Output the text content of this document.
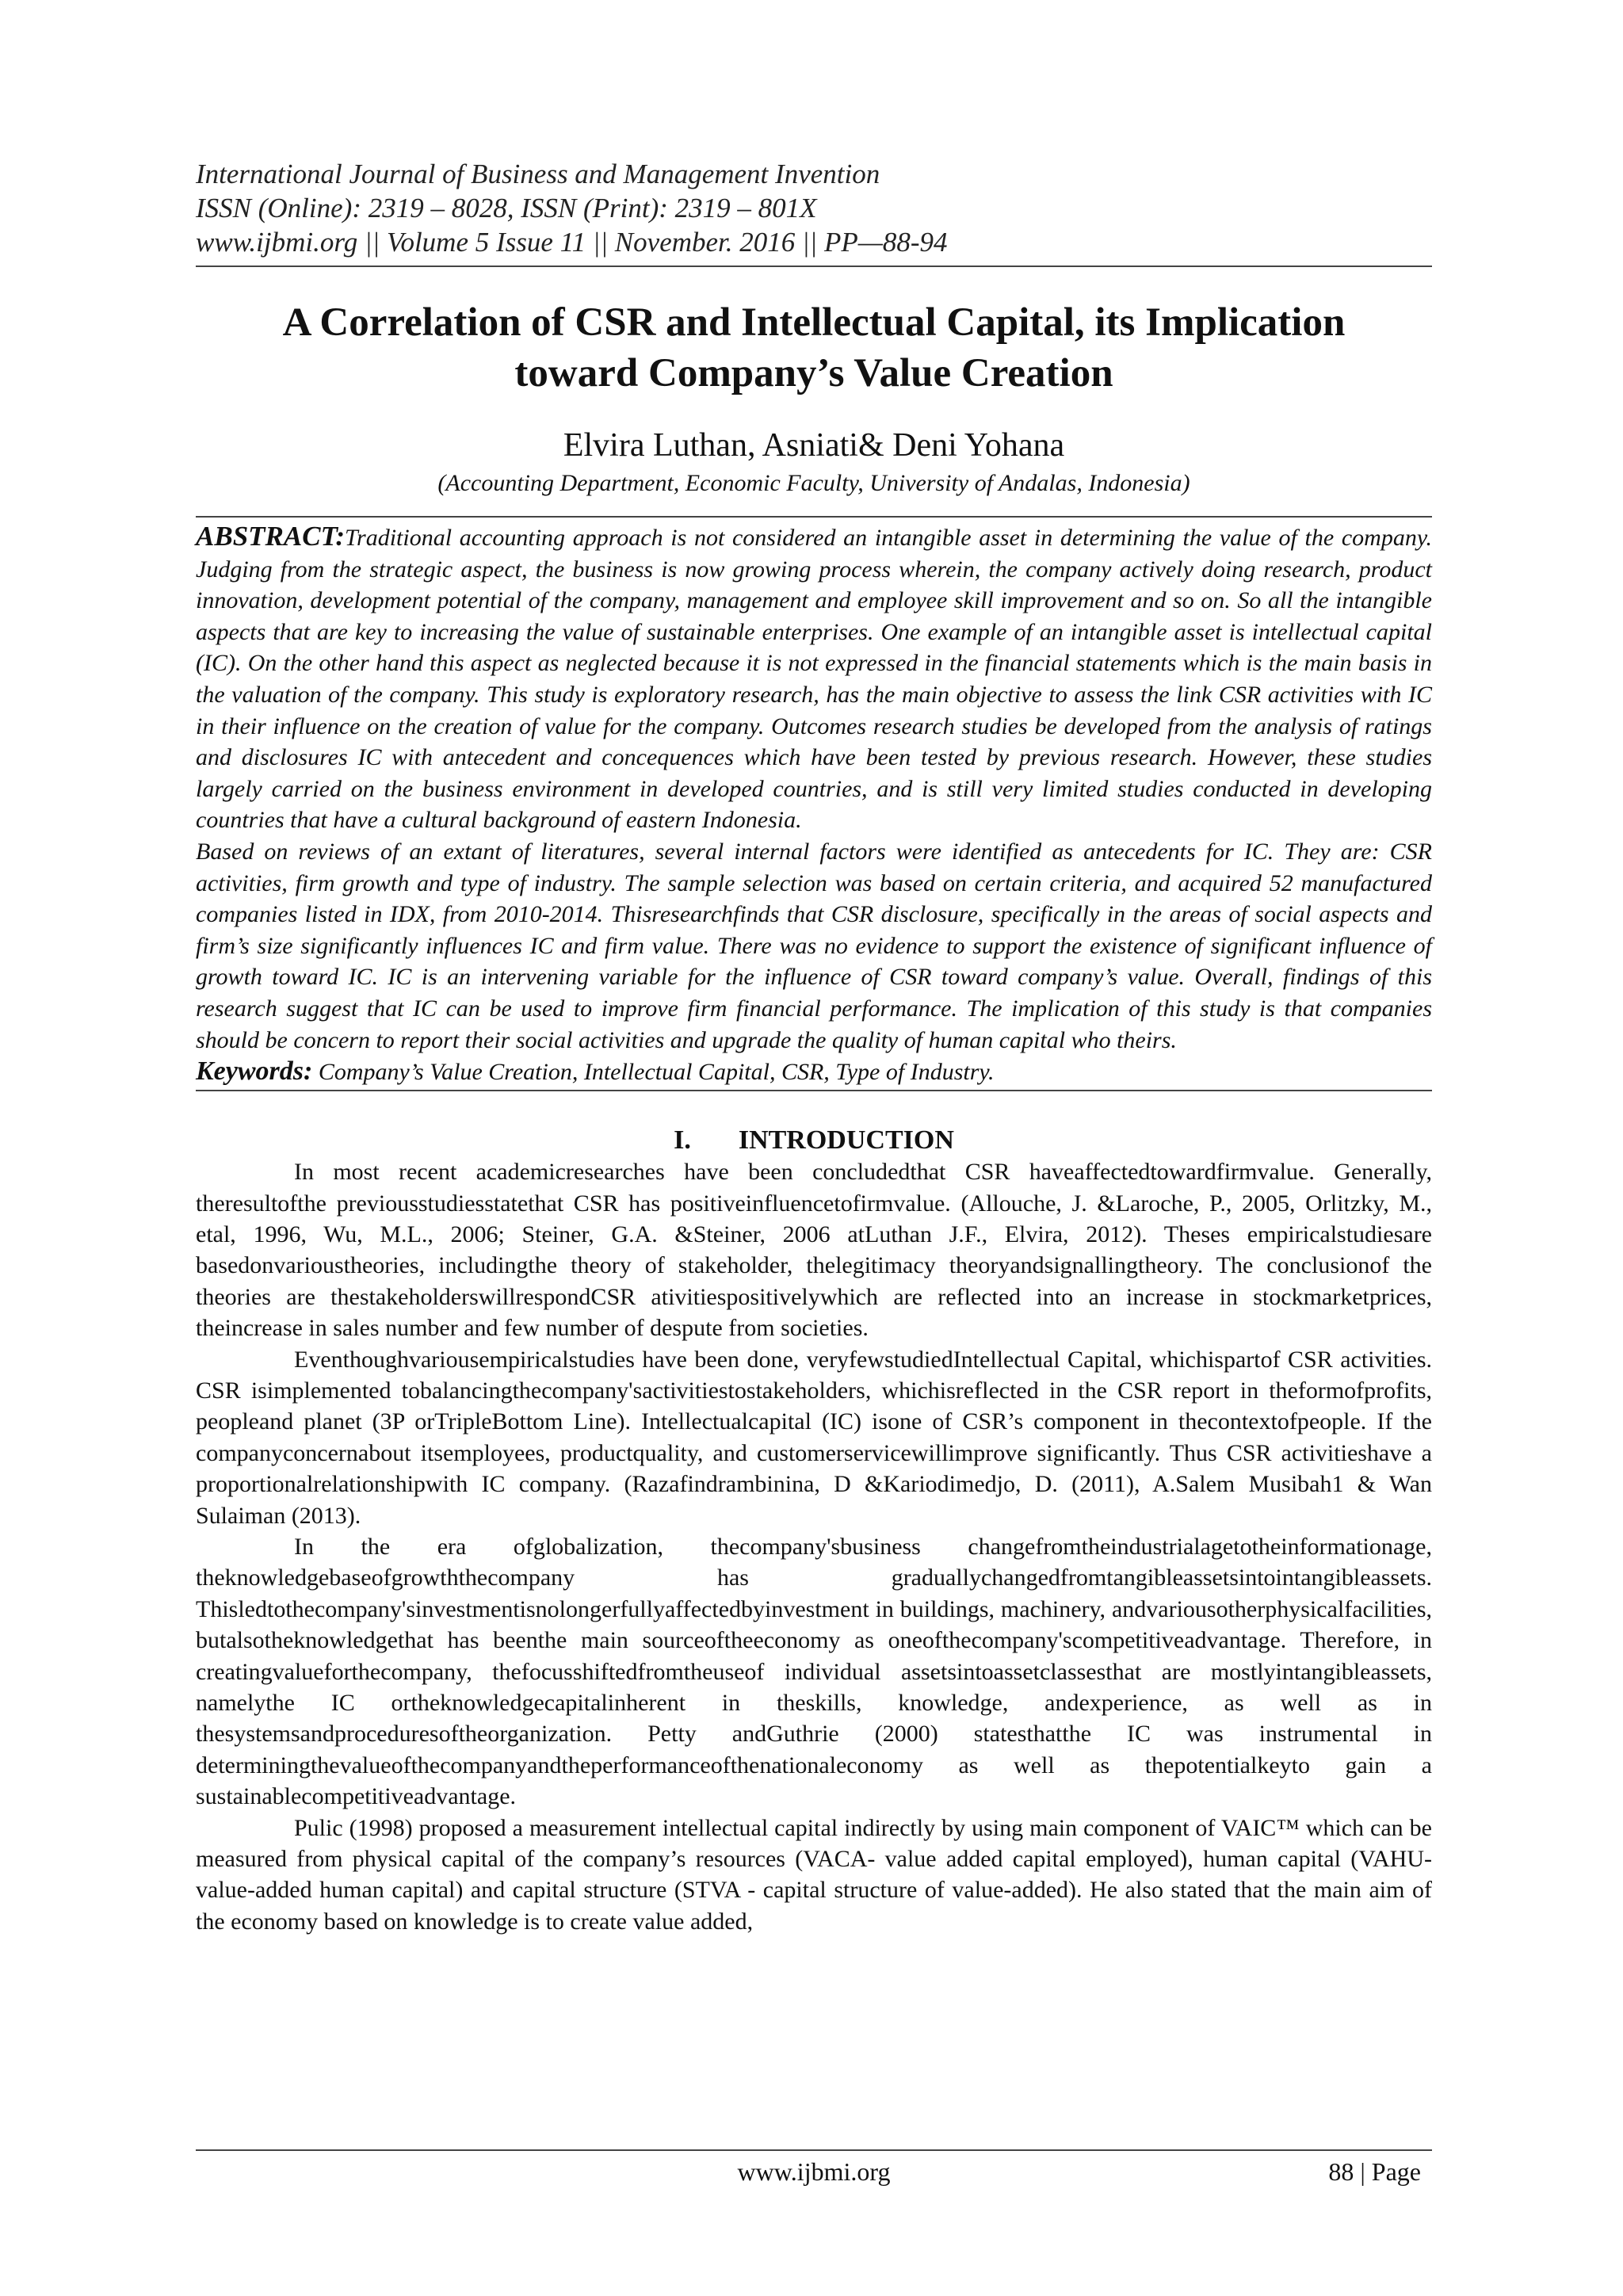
International Journal of Business and Management Invention
ISSN (Online): 2319 – 8028, ISSN (Print): 2319 – 801X
www.ijbmi.org || Volume 5 Issue 11 || November. 2016 || PP—88-94
A Correlation of CSR and Intellectual Capital, its Implication
toward Company’s Value Creation
Elvira Luthan, Asniati& Deni Yohana
(Accounting Department, Economic Faculty, University of Andalas, Indonesia)

ABSTRACT:Traditional accounting approach is not considered an intangible asset in determining the value of the company. Judging from the strategic aspect, the business is now growing process wherein, the company actively doing research, product innovation, development potential of the company, management and employee skill improvement and so on. So all the intangible aspects that are key to increasing the value of sustainable enterprises. One example of an intangible asset is intellectual capital (IC). On the other hand this aspect as neglected because it is not expressed in the financial statements which is the main basis in the valuation of the company. This study is exploratory research, has the main objective to assess the link CSR activities with IC in their influence on the creation of value for the company. Outcomes research studies be developed from the analysis of ratings and disclosures IC with antecedent and concequences which have been tested by previous research. However, these studies largely carried on the business environment in developed countries, and is still very limited studies conducted in developing countries that have a cultural background of eastern Indonesia.

Based on reviews of an extant of literatures, several internal factors were identified as antecedents for IC. They are: CSR activities, firm growth and type of industry. The sample selection was based on certain criteria, and acquired 52 manufactured companies listed in IDX, from 2010-2014. Thisresearchfinds that CSR disclosure, specifically in the areas of social aspects and firm’s size significantly influences IC and firm value. There was no evidence to support the existence of significant influence of growth toward IC. IC is an intervening variable for the influence of CSR toward company’s value. Overall, findings of this research suggest that IC can be used to improve firm financial performance. The implication of this study is that companies should be concern to report their social activities and upgrade the quality of human capital who theirs.

Keywords: Company’s Value Creation, Intellectual Capital, CSR, Type of Industry.
I. INTRODUCTION

In most recent academicresearches have been concludedthat CSR haveaffectedtowardfirmvalue. Generally, theresultofthe previousstudiesstatethat CSR has positiveinfluencetofirmvalue. (Allouche, J. &Laroche, P., 2005, Orlitzky, M., etal, 1996, Wu, M.L., 2006; Steiner, G.A. &Steiner, 2006 atLuthan J.F., Elvira, 2012). Theses empiricalstudiesare basedonvarioustheories, includingthe theory of stakeholder, thelegitimacy theoryandsignallingtheory. The conclusionof the theories are thestakeholderswillrespondCSR ativitiespositivelywhich are reflected into an increase in stockmarketprices, theincrease in sales number and few number of despute from societies.

Eventhoughvariousempiricalstudies have been done, veryfewstudiedIntellectual Capital, whichispartof CSR activities. CSR isimplemented tobalancingthecompany'sactivitiestostakeholders, whichisreflected in the CSR report in theformofprofits, peopleand planet (3P orTripleBottom Line). Intellectualcapital (IC) isone of CSR’s component in thecontextofpeople. If the companyconcernabout itsemployees, productquality, and customerservicewillimprove significantly. Thus CSR activitieshave a proportionalrelationshipwith IC company. (Razafindrambinina, D &Kariodimedjo, D. (2011), A.Salem Musibah1 & Wan Sulaiman (2013).

In the era ofglobalization, thecompany'sbusiness changefromtheindustrialagetotheinformationage, theknowledgebaseofgrowththecompany has graduallychangedfromtangibleassetsintointangibleassets. Thisledtothecompany'sinvestmentisnolongerfullyaffectedbyinvestment in buildings, machinery, andvariousotherphysicalfacilities, butalsotheknowledgethat has beenthe main sourceoftheeconomy as oneofthecompany'scompetitiveadvantage. Therefore, in creatingvalueforthecompany, thefocusshiftedfromtheuseof individual assetsintoassetclassesthat are mostlyintangibleassets, namelythe IC ortheknowledgecapitalinherent in theskills, knowledge, andexperience, as well as in thesystemsandproceduresoftheorganization. Petty andGuthrie (2000) statesthatthe IC was instrumental in determiningthevalueofthecompanyandtheperformanceofthenationaleconomy as well as thepotentialkeyto gain a sustainablecompetitiveadvantage.

Pulic (1998) proposed a measurement intellectual capital indirectly by using main component of VAIC™ which can be measured from physical capital of the company’s resources (VACA- value added capital employed), human capital (VAHU-value-added human capital) and capital structure (STVA - capital structure of value-added). He also stated that the main aim of the economy based on knowledge is to create value added,

www.ijbmi.org	88 | Page
